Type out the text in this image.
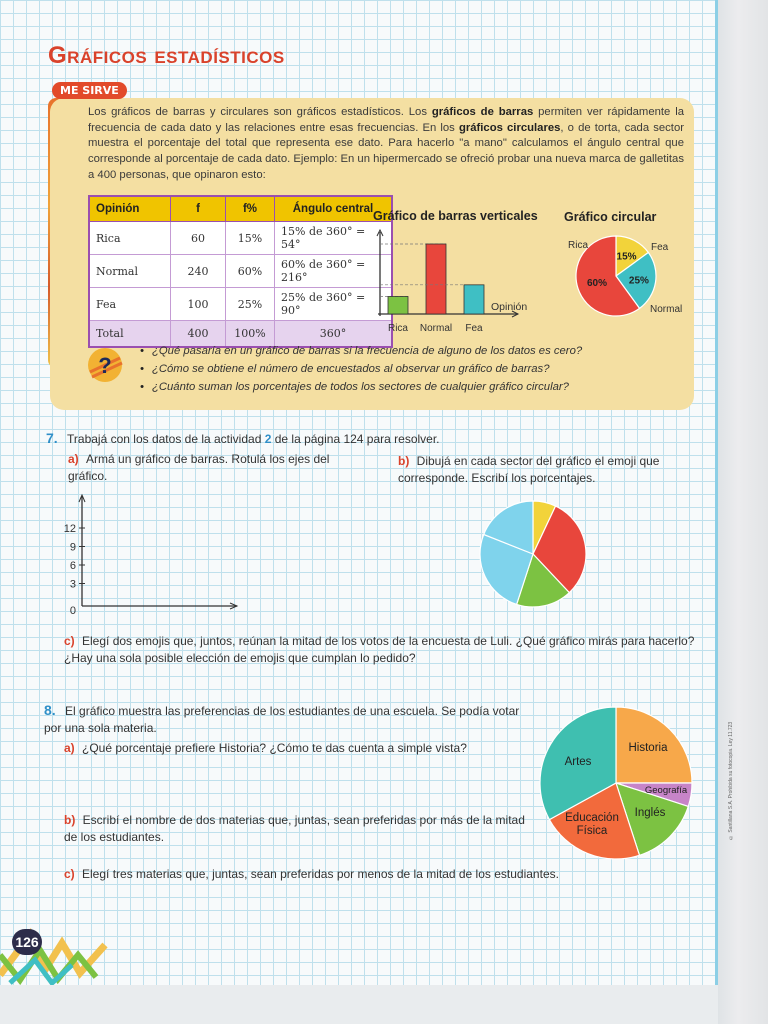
© Santillana S.A. Prohibida su fotocopia. Ley 11.723
Gráficos estadísticos
ME SIRVE
Los gráficos de barras y circulares son gráficos estadísticos. Los gráficos de barras permiten ver rápidamente la frecuencia de cada dato y las relaciones entre esas frecuencias. En los gráficos circulares, o de torta, cada sector muestra el porcentaje del total que representa ese dato. Para hacerlo "a mano" calculamos el ángulo central que corresponde al porcentaje de cada dato. Ejemplo: En un hipermercado se ofreció probar una nueva marca de galletitas a 400 personas, que opinaron esto:
Opinión	f	f%	Ángulo central
Rica	60	15%	15% de 360° = 54°
Normal	240	60%	60% de 360° = 216°
Fea	100	25%	25% de 360° = 90°
Total	400	100%	360°
Gráfico de barras verticales Gráfico circular
Rica Normal Fea
Opinión
15%
25%
60%
Rica	Fea
Normal
?
• ¿Qué pasaría en un gráfico de barras si la frecuencia de alguno de los datos es cero?
• ¿Cómo se obtiene el número de encuestados al observar un gráfico de barras?
• ¿Cuánto suman los porcentajes de todos los sectores de cualquier gráfico circular?
7. Trabajá con los datos de la actividad 2 de la página 124 para resolver.
a) Armá un gráfico de barras. Rotulá los ejes del gráfico.
b) Dibujá en cada sector del gráfico el emoji que corresponde. Escribí los porcentajes.
0
3
6
9
12
c) Elegí dos emojis que, juntos, reúnan la mitad de los votos de la encuesta de Luli. ¿Qué gráfico mirás para hacerlo? ¿Hay una sola posible elección de emojis que cumplan lo pedido?
8. El gráfico muestra las preferencias de los estudiantes de una escuela. Se podía votar por una sola materia.
a) ¿Qué porcentaje prefiere Historia? ¿Cómo te das cuenta a simple vista?
b) Escribí el nombre de dos materias que, juntas, sean preferidas por más de la mitad de los estudiantes.
c) Elegí tres materias que, juntas, sean preferidas por menos de la mitad de los estudiantes.
Historia
Geografía
Inglés
Educación
Física
Artes
126
